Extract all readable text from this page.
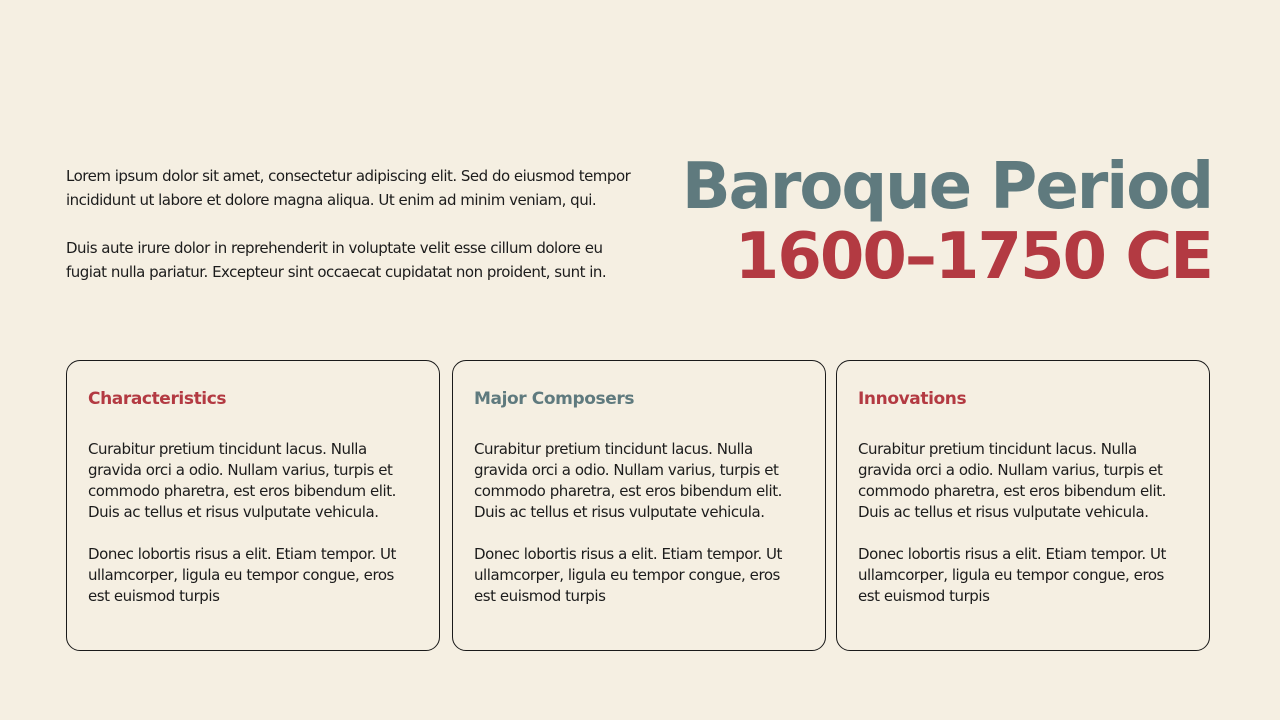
Lorem ipsum dolor sit amet, consectetur adipiscing elit. Sed do eiusmod tempor incididunt ut labore et dolore magna aliqua. Ut enim ad minim veniam, qui.

Duis aute irure dolor in reprehenderit in voluptate velit esse cillum dolore eu fugiat nulla pariatur. Excepteur sint occaecat cupidatat non proident, sunt in.

Baroque Period
1600–1750 CE
Characteristics

Curabitur pretium tincidunt lacus. Nulla gravida orci a odio. Nullam varius, turpis et commodo pharetra, est eros bibendum elit. Duis ac tellus et risus vulputate vehicula.

Donec lobortis risus a elit. Etiam tempor. Ut ullamcorper, ligula eu tempor congue, eros est euismod turpis

Major Composers

Curabitur pretium tincidunt lacus. Nulla gravida orci a odio. Nullam varius, turpis et commodo pharetra, est eros bibendum elit. Duis ac tellus et risus vulputate vehicula.

Donec lobortis risus a elit. Etiam tempor. Ut ullamcorper, ligula eu tempor congue, eros est euismod turpis

Innovations

Curabitur pretium tincidunt lacus. Nulla gravida orci a odio. Nullam varius, turpis et commodo pharetra, est eros bibendum elit. Duis ac tellus et risus vulputate vehicula.

Donec lobortis risus a elit. Etiam tempor. Ut ullamcorper, ligula eu tempor congue, eros est euismod turpis
